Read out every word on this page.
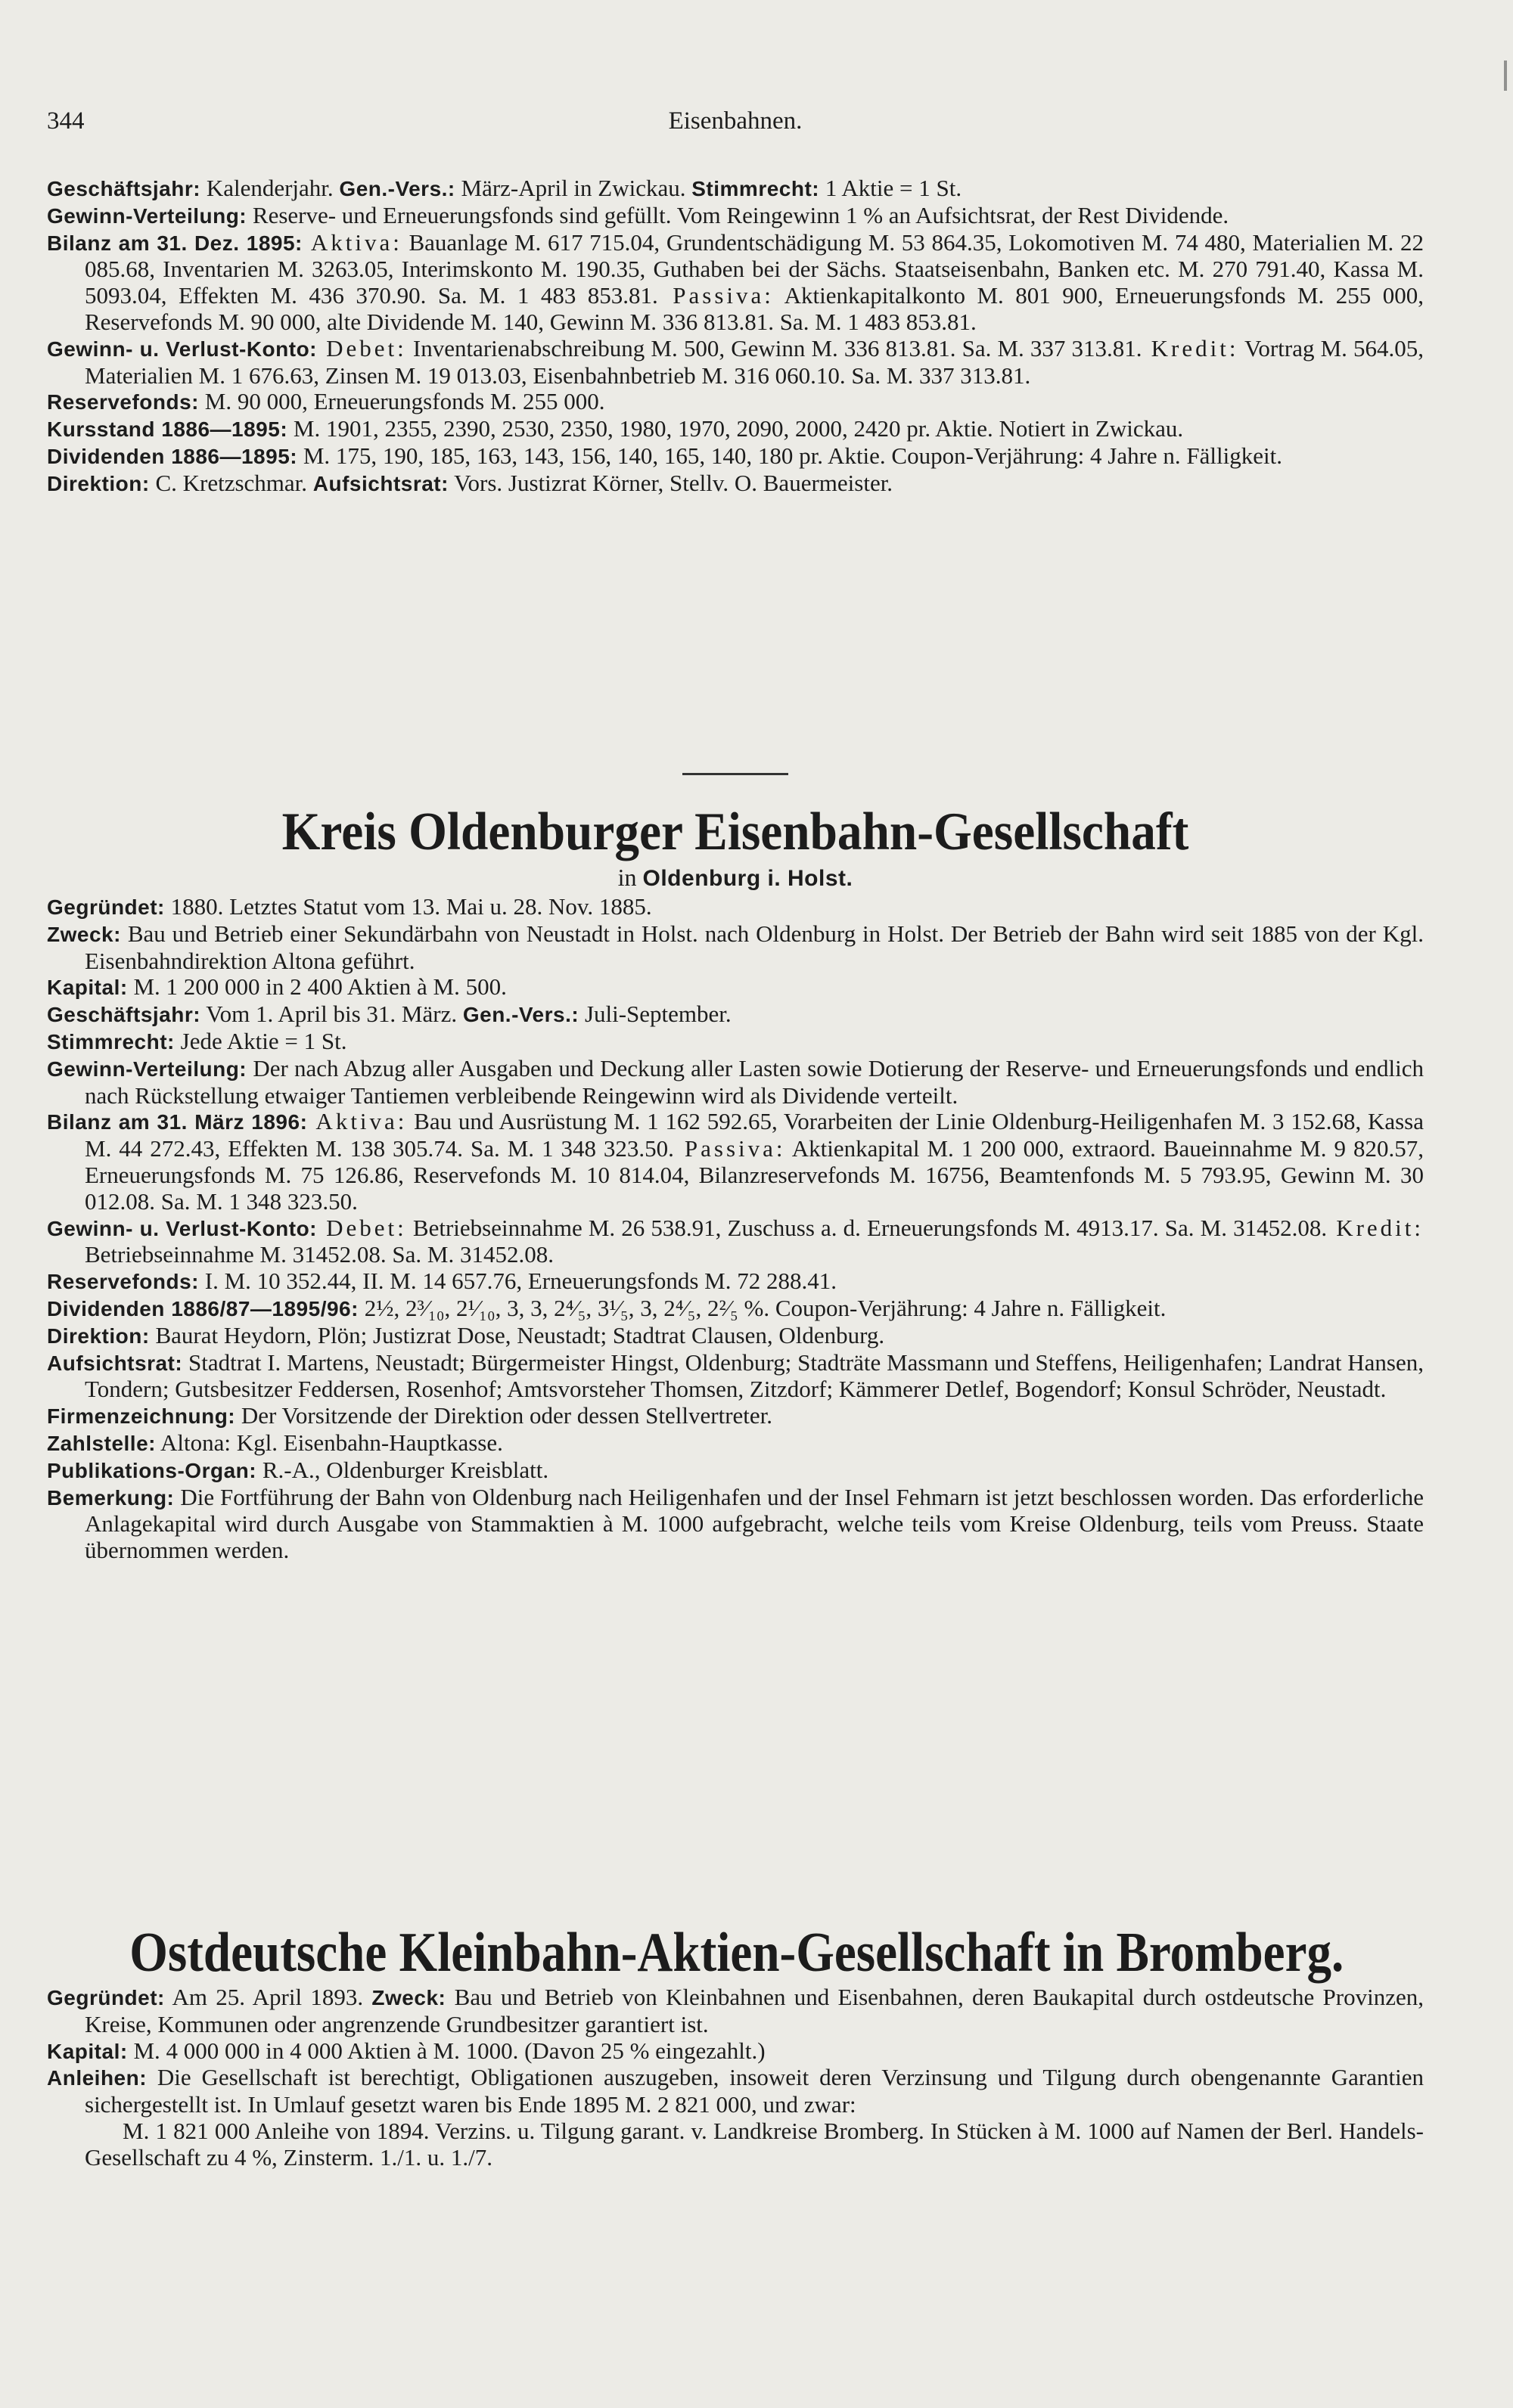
344	Eisenbahnen.

Geschäftsjahr: Kalenderjahr. Gen.-Vers.: März-April in Zwickau. Stimmrecht: 1 Aktie = 1 St.

Gewinn-Verteilung: Reserve- und Erneuerungsfonds sind gefüllt. Vom Reingewinn 1 % an Aufsichtsrat, der Rest Dividende.

Bilanz am 31. Dez. 1895: Aktiva: Bauanlage M. 617 715.04, Grundentschädigung M. 53 864.35, Lokomotiven M. 74 480, Materialien M. 22 085.68, Inventarien M. 3263.05, Interimskonto M. 190.35, Guthaben bei der Sächs. Staatseisenbahn, Banken etc. M. 270 791.40, Kassa M. 5093.04, Effekten M. 436 370.90. Sa. M. 1 483 853.81. Passiva: Aktienkapitalkonto M. 801 900, Erneuerungsfonds M. 255 000, Reservefonds M. 90 000, alte Dividende M. 140, Gewinn M. 336 813.81. Sa. M. 1 483 853.81.

Gewinn- u. Verlust-Konto: Debet: Inventarienabschreibung M. 500, Gewinn M. 336 813.81. Sa. M. 337 313.81. Kredit: Vortrag M. 564.05, Materialien M. 1 676.63, Zinsen M. 19 013.03, Eisenbahnbetrieb M. 316 060.10. Sa. M. 337 313.81.

Reservefonds: M. 90 000, Erneuerungsfonds M. 255 000.

Kursstand 1886—1895: M. 1901, 2355, 2390, 2530, 2350, 1980, 1970, 2090, 2000, 2420 pr. Aktie. Notiert in Zwickau.

Dividenden 1886—1895: M. 175, 190, 185, 163, 143, 156, 140, 165, 140, 180 pr. Aktie. Coupon-Verjährung: 4 Jahre n. Fälligkeit.

Direktion: C. Kretzschmar. Aufsichtsrat: Vors. Justizrat Körner, Stellv. O. Bauermeister.

Kreis Oldenburger Eisenbahn-Gesellschaft

in Oldenburg i. Holst.

Gegründet: 1880. Letztes Statut vom 13. Mai u. 28. Nov. 1885.

Zweck: Bau und Betrieb einer Sekundärbahn von Neustadt in Holst. nach Oldenburg in Holst. Der Betrieb der Bahn wird seit 1885 von der Kgl. Eisenbahndirektion Altona geführt.

Kapital: M. 1 200 000 in 2 400 Aktien à M. 500.

Geschäftsjahr: Vom 1. April bis 31. März. Gen.-Vers.: Juli-September.

Stimmrecht: Jede Aktie = 1 St.

Gewinn-Verteilung: Der nach Abzug aller Ausgaben und Deckung aller Lasten sowie Dotierung der Reserve- und Erneuerungsfonds und endlich nach Rückstellung etwaiger Tantiemen verbleibende Reingewinn wird als Dividende verteilt.

Bilanz am 31. März 1896: Aktiva: Bau und Ausrüstung M. 1 162 592.65, Vorarbeiten der Linie Oldenburg-Heiligenhafen M. 3 152.68, Kassa M. 44 272.43, Effekten M. 138 305.74. Sa. M. 1 348 323.50. Passiva: Aktienkapital M. 1 200 000, extraord. Baueinnahme M. 9 820.57, Erneuerungsfonds M. 75 126.86, Reservefonds M. 10 814.04, Bilanzreservefonds M. 16756, Beamtenfonds M. 5 793.95, Gewinn M. 30 012.08. Sa. M. 1 348 323.50.

Gewinn- u. Verlust-Konto: Debet: Betriebseinnahme M. 26 538.91, Zuschuss a. d. Erneuerungsfonds M. 4913.17. Sa. M. 31452.08. Kredit: Betriebseinnahme M. 31452.08. Sa. M. 31452.08.

Reservefonds: I. M. 10 352.44, II. M. 14 657.76, Erneuerungsfonds M. 72 288.41.

Dividenden 1886/87—1895/96: 2½, 2³⁄₁₀, 2¹⁄₁₀, 3, 3, 2⁴⁄₅, 3¹⁄₅, 3, 2⁴⁄₅, 2²⁄₅ %. Coupon-Verjährung: 4 Jahre n. Fälligkeit.

Direktion: Baurat Heydorn, Plön; Justizrat Dose, Neustadt; Stadtrat Clausen, Oldenburg.

Aufsichtsrat: Stadtrat I. Martens, Neustadt; Bürgermeister Hingst, Oldenburg; Stadträte Massmann und Steffens, Heiligenhafen; Landrat Hansen, Tondern; Gutsbesitzer Feddersen, Rosenhof; Amtsvorsteher Thomsen, Zitzdorf; Kämmerer Detlef, Bogendorf; Konsul Schröder, Neustadt.

Firmenzeichnung: Der Vorsitzende der Direktion oder dessen Stellvertreter.

Zahlstelle: Altona: Kgl. Eisenbahn-Hauptkasse.

Publikations-Organ: R.-A., Oldenburger Kreisblatt.

Bemerkung: Die Fortführung der Bahn von Oldenburg nach Heiligenhafen und der Insel Fehmarn ist jetzt beschlossen worden. Das erforderliche Anlagekapital wird durch Ausgabe von Stammaktien à M. 1000 aufgebracht, welche teils vom Kreise Oldenburg, teils vom Preuss. Staate übernommen werden.

Ostdeutsche Kleinbahn-Aktien-Gesellschaft in Bromberg.

Gegründet: Am 25. April 1893. Zweck: Bau und Betrieb von Kleinbahnen und Eisenbahnen, deren Baukapital durch ostdeutsche Provinzen, Kreise, Kommunen oder angrenzende Grundbesitzer garantiert ist.

Kapital: M. 4 000 000 in 4 000 Aktien à M. 1000. (Davon 25 % eingezahlt.)

Anleihen: Die Gesellschaft ist berechtigt, Obligationen auszugeben, insoweit deren Verzinsung und Tilgung durch obengenannte Garantien sichergestellt ist. In Umlauf gesetzt waren bis Ende 1895 M. 2 821 000, und zwar:

M. 1 821 000 Anleihe von 1894. Verzins. u. Tilgung garant. v. Landkreise Bromberg. In Stücken à M. 1000 auf Namen der Berl. Handels-Gesellschaft zu 4 %, Zinsterm. 1./1. u. 1./7.
